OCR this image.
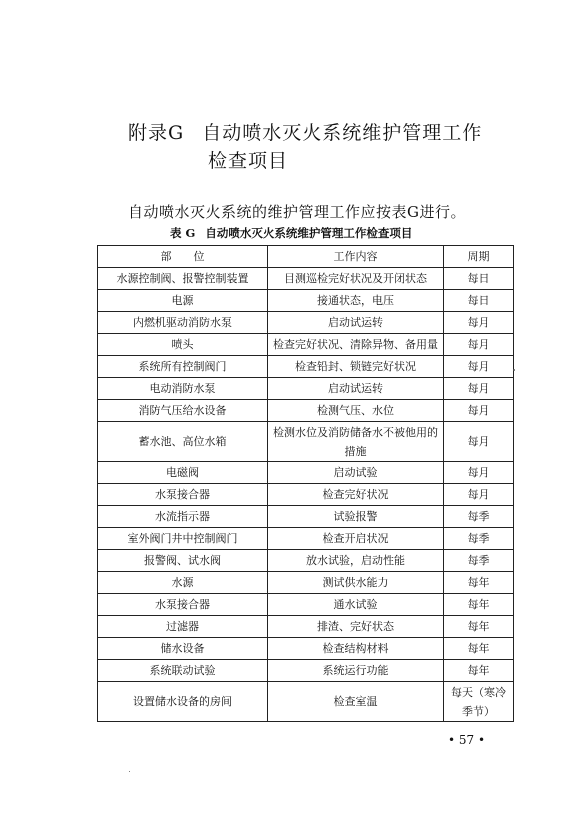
附录G 自动喷水灭火系统维护管理工作
检查项目
自动喷水灭火系统的维护管理工作应按表G进行。
表 G 自动喷水灭火系统维护管理工作检查项目
部　　位	工作内容	周期
水源控制阀、报警控制装置	目测巡检完好状况及开闭状态	每日
电源	接通状态，电压	每日
内燃机驱动消防水泵	启动试运转	每月
喷头	检查完好状况、清除异物、备用量	每月
系统所有控制阀门	检查铅封、锁链完好状况	每月
电动消防水泵	启动试运转	每月
消防气压给水设备	检测气压、水位	每月
蓄水池、高位水箱	检测水位及消防储备水不被他用的措施	每月
电磁阀	启动试验	每月
水泵接合器	检查完好状况	每月
水流指示器	试验报警	每季
室外阀门井中控制阀门	检查开启状况	每季
报警阀、试水阀	放水试验，启动性能	每季
水源	测试供水能力	每年
水泵接合器	通水试验	每年
过滤器	排渣、完好状态	每年
储水设备	检查结构材料	每年
系统联动试验	系统运行功能	每年
设置储水设备的房间	检查室温	每天（寒冷季节）
• 57 •
